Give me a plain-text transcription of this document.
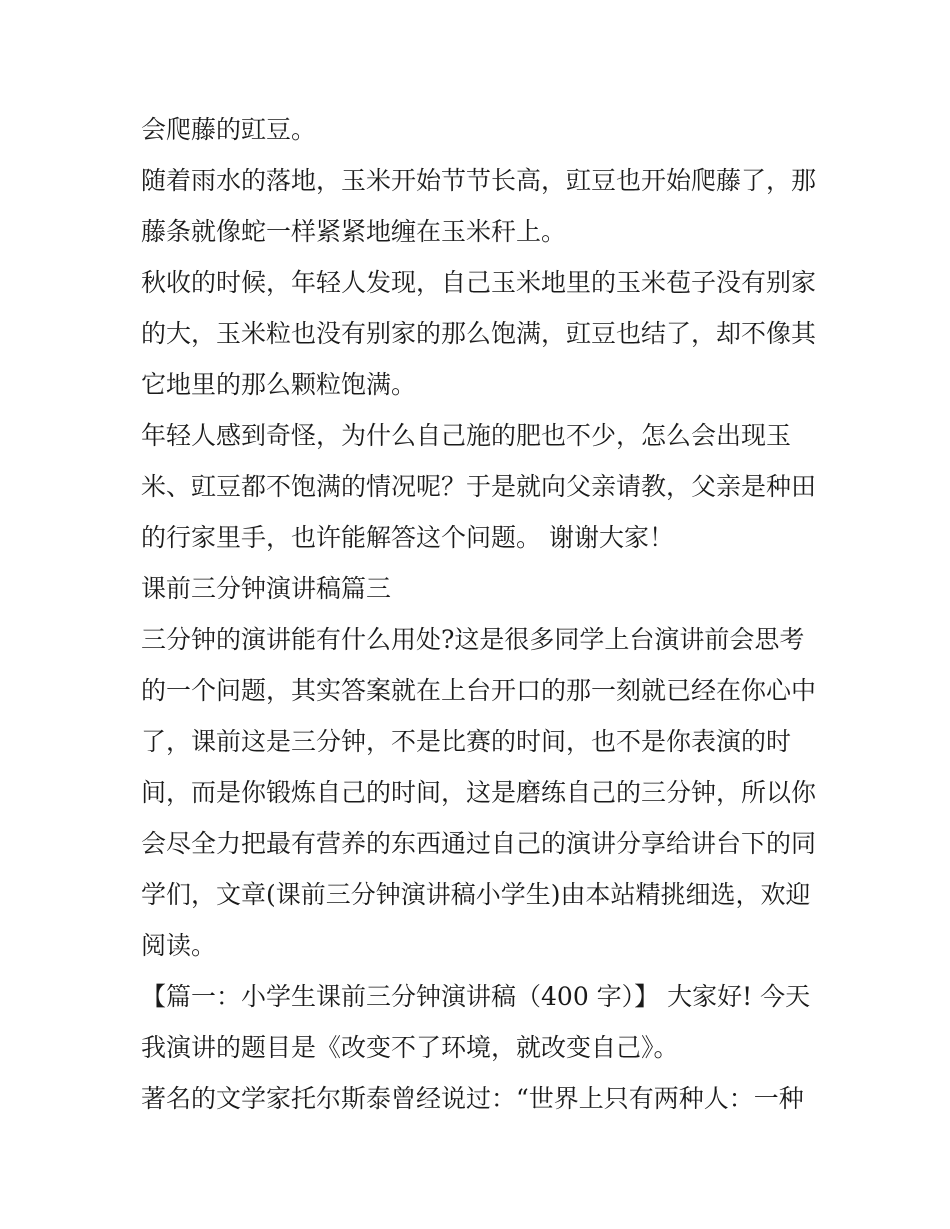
会爬藤的豇豆。

随着雨水的落地，玉米开始节节长高，豇豆也开始爬藤了，那

藤条就像蛇一样紧紧地缠在玉米秆上。

秋收的时候，年轻人发现，自己玉米地里的玉米苞子没有别家

的大，玉米粒也没有别家的那么饱满，豇豆也结了，却不像其

它地里的那么颗粒饱满。

年轻人感到奇怪，为什么自己施的肥也不少，怎么会出现玉

米、豇豆都不饱满的情况呢？于是就向父亲请教，父亲是种田

的行家里手，也许能解答这个问题。 谢谢大家！

课前三分钟演讲稿篇三

三分钟的演讲能有什么用处?这是很多同学上台演讲前会思考

的一个问题，其实答案就在上台开口的那一刻就已经在你心中

了，课前这是三分钟，不是比赛的时间，也不是你表演的时

间，而是你锻炼自己的时间，这是磨练自己的三分钟，所以你

会尽全力把最有营养的东西通过自己的演讲分享给讲台下的同

学们，文章(课前三分钟演讲稿小学生)由本站精挑细选，欢迎

阅读。

【篇一：小学生课前三分钟演讲稿（400 字）】 大家好! 今天

我演讲的题目是《改变不了环境，就改变自己》。

著名的文学家托尔斯泰曾经说过：“世界上只有两种人：一种
